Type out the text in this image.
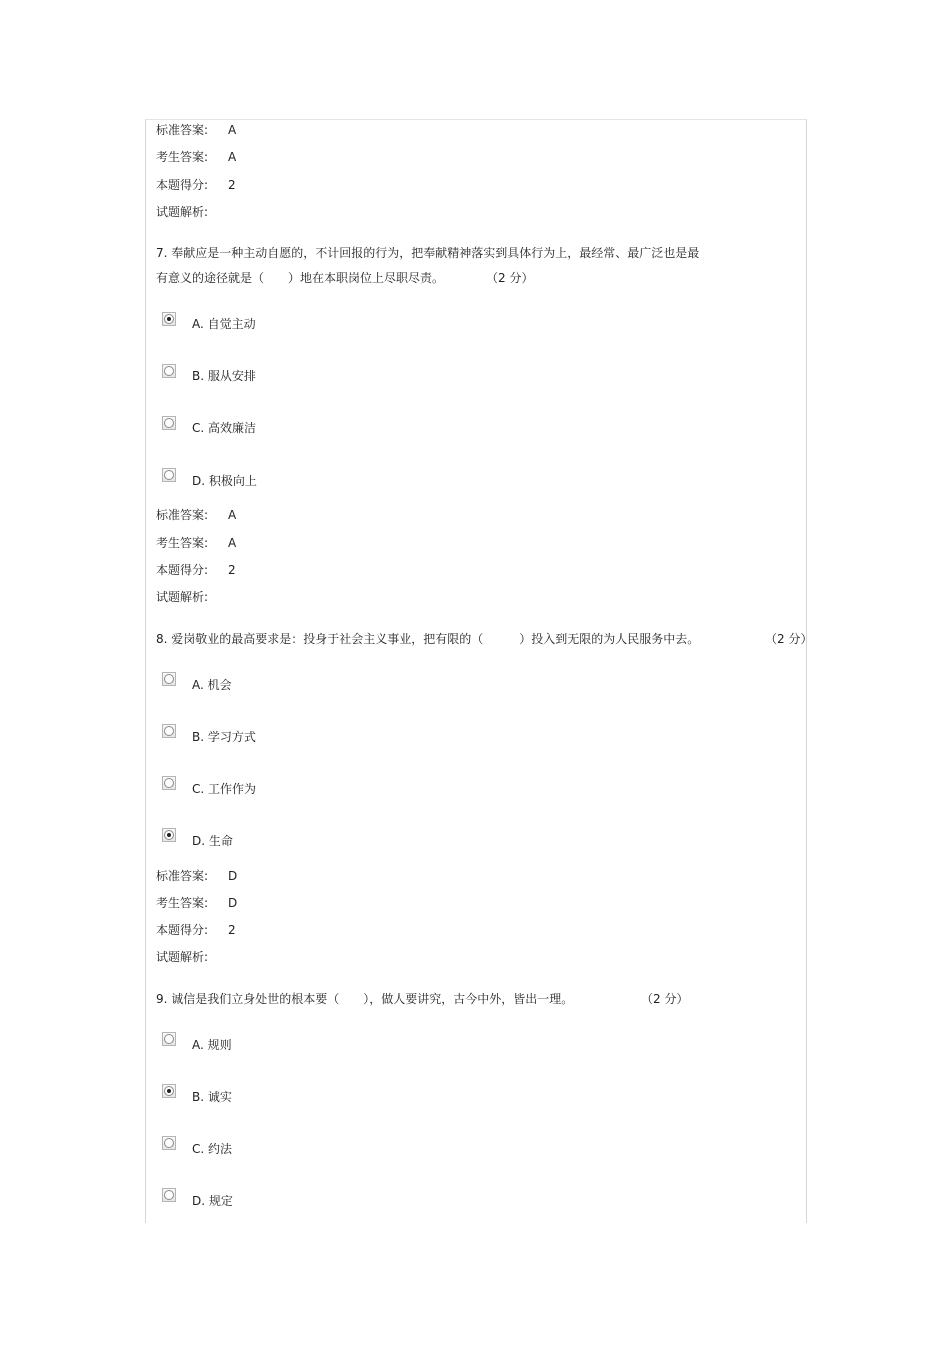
标准答案: A
考生答案: A
本题得分: 2
试题解析:
7. 奉献应是一种主动自愿的，不计回报的行为，把奉献精神落实到具体行为上，最经常、最广泛也是最
有意义的途径就是（　　）地在本职岗位上尽职尽责。	（2 分）
A. 自觉主动
B. 服从安排
C. 高效廉洁
D. 积极向上
标准答案: A
考生答案: A
本题得分: 2
试题解析:
8. 爱岗敬业的最高要求是：投身于社会主义事业，把有限的（　　　）投入到无限的为人民服务中去。	（2 分）
A. 机会
B. 学习方式
C. 工作作为
D. 生命
标准答案: D
考生答案: D
本题得分: 2
试题解析:
9. 诚信是我们立身处世的根本要（　　），做人要讲究，古今中外，皆出一理。	（2 分）
A. 规则
B. 诚实
C. 约法
D. 规定
